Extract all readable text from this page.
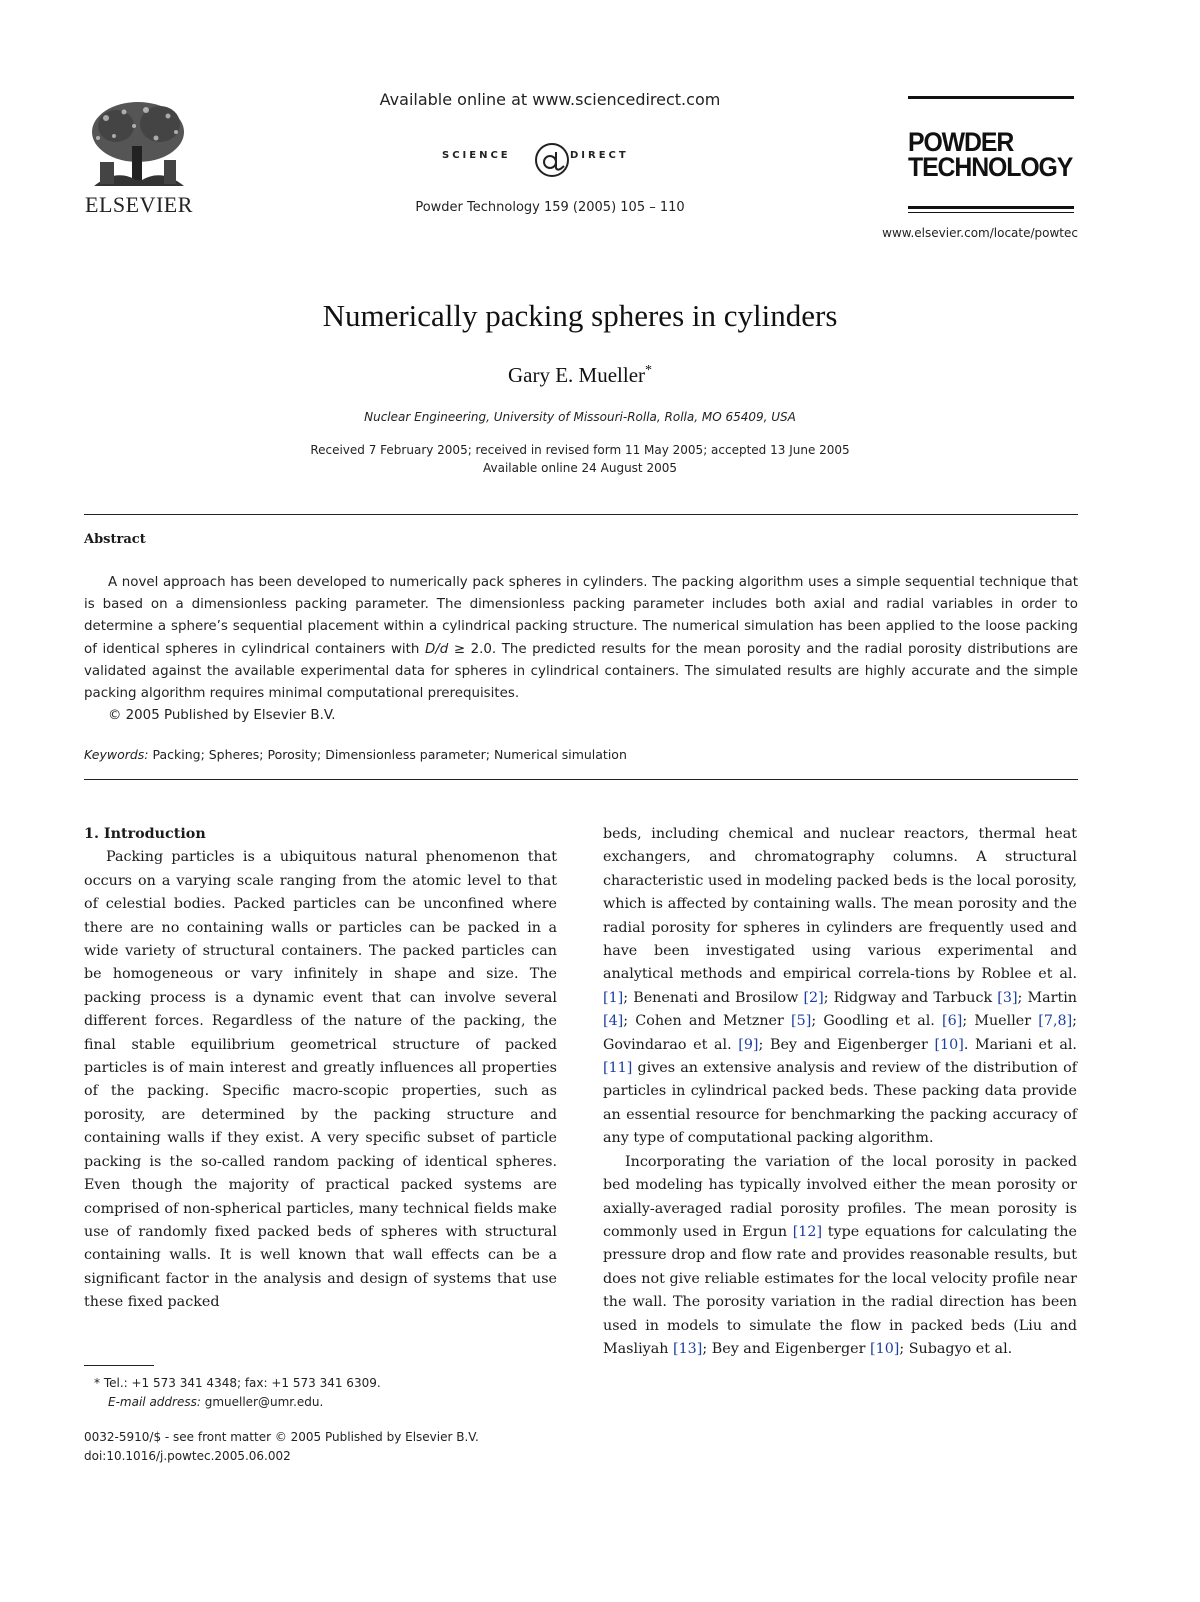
ELSEVIER
Available online at www.sciencedirect.com
SCIENCE	DIRECT
Powder Technology 159 (2005) 105 – 110
POWDER
TECHNOLOGY
www.elsevier.com/locate/powtec
Numerically packing spheres in cylinders
Gary E. Mueller*
Nuclear Engineering, University of Missouri-Rolla, Rolla, MO 65409, USA
Received 7 February 2005; received in revised form 11 May 2005; accepted 13 June 2005
Available online 24 August 2005
Abstract

A novel approach has been developed to numerically pack spheres in cylinders. The packing algorithm uses a simple sequential technique that is based on a dimensionless packing parameter. The dimensionless packing parameter includes both axial and radial variables in order to determine a sphere’s sequential placement within a cylindrical packing structure. The numerical simulation has been applied to the loose packing of identical spheres in cylindrical containers with D/d ≥ 2.0. The predicted results for the mean porosity and the radial porosity distributions are validated against the available experimental data for spheres in cylindrical containers. The simulated results are highly accurate and the simple packing algorithm requires minimal computational prerequisites.

© 2005 Published by Elsevier B.V.

Keywords: Packing; Spheres; Porosity; Dimensionless parameter; Numerical simulation

1. Introduction

Packing particles is a ubiquitous natural phenomenon that occurs on a varying scale ranging from the atomic level to that of celestial bodies. Packed particles can be unconfined where there are no containing walls or particles can be packed in a wide variety of structural containers. The packed particles can be homogeneous or vary infinitely in shape and size. The packing process is a dynamic event that can involve several different forces. Regardless of the nature of the packing, the final stable equilibrium geometrical structure of packed particles is of main interest and greatly influences all properties of the packing. Specific macro-scopic properties, such as porosity, are determined by the packing structure and containing walls if they exist. A very specific subset of particle packing is the so-called random packing of identical spheres. Even though the majority of practical packed systems are comprised of non-spherical particles, many technical fields make use of randomly fixed packed beds of spheres with structural containing walls. It is well known that wall effects can be a significant factor in the analysis and design of systems that use these fixed packed

* Tel.: +1 573 341 4348; fax: +1 573 341 6309.
E-mail address: gmueller@umr.edu.
0032-5910/$ - see front matter © 2005 Published by Elsevier B.V.
doi:10.1016/j.powtec.2005.06.002

beds, including chemical and nuclear reactors, thermal heat exchangers, and chromatography columns. A structural characteristic used in modeling packed beds is the local porosity, which is affected by containing walls. The mean porosity and the radial porosity for spheres in cylinders are frequently used and have been investigated using various experimental and analytical methods and empirical correla-tions by Roblee et al. [1]; Benenati and Brosilow [2]; Ridgway and Tarbuck [3]; Martin [4]; Cohen and Metzner [5]; Goodling et al. [6]; Mueller [7,8]; Govindarao et al. [9]; Bey and Eigenberger [10]. Mariani et al. [11] gives an extensive analysis and review of the distribution of particles in cylindrical packed beds. These packing data provide an essential resource for benchmarking the packing accuracy of any type of computational packing algorithm.

Incorporating the variation of the local porosity in packed bed modeling has typically involved either the mean porosity or axially-averaged radial porosity profiles. The mean porosity is commonly used in Ergun [12] type equations for calculating the pressure drop and flow rate and provides reasonable results, but does not give reliable estimates for the local velocity profile near the wall. The porosity variation in the radial direction has been used in models to simulate the flow in packed beds (Liu and Masliyah [13]; Bey and Eigenberger [10]; Subagyo et al.
